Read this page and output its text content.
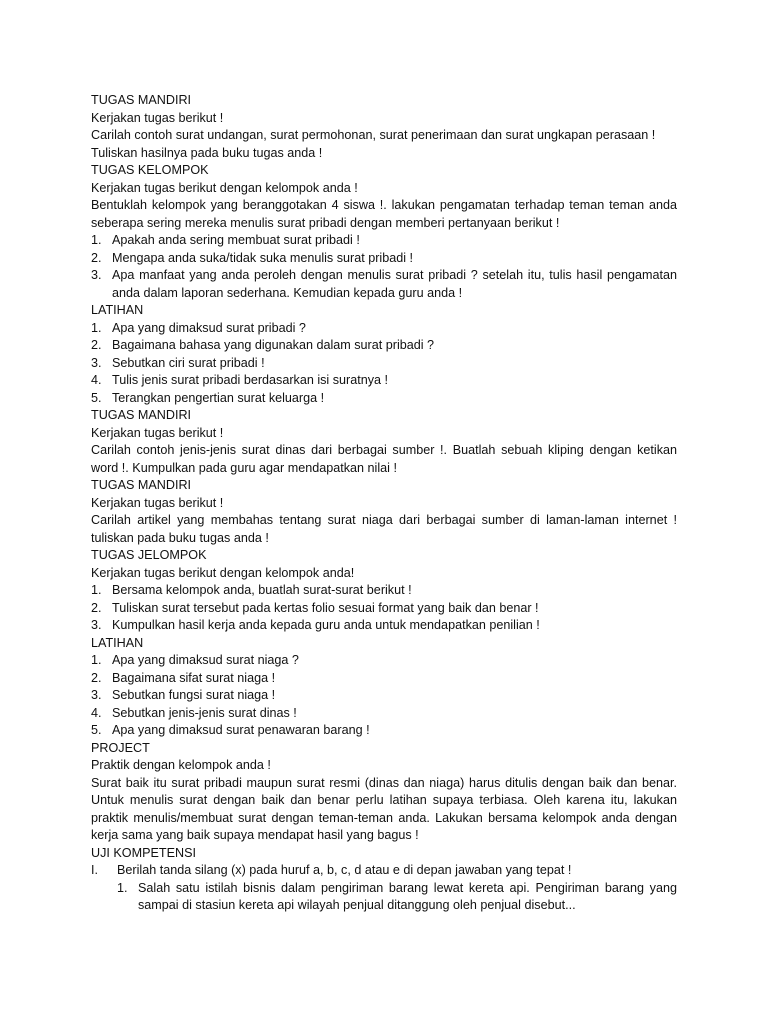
TUGAS MANDIRI

Kerjakan tugas berikut !

Carilah contoh surat undangan, surat permohonan, surat penerimaan dan surat ungkapan perasaan !

Tuliskan hasilnya pada buku tugas anda !

TUGAS KELOMPOK

Kerjakan tugas berikut dengan kelompok anda !

Bentuklah kelompok yang beranggotakan 4 siswa !. lakukan pengamatan terhadap teman teman anda seberapa sering mereka menulis surat pribadi dengan memberi pertanyaan berikut !

1. Apakah anda sering membuat surat pribadi !
2. Mengapa anda suka/tidak suka menulis surat pribadi !
3. Apa manfaat yang anda peroleh dengan menulis surat pribadi ? setelah itu, tulis hasil pengamatan anda dalam laporan sederhana. Kemudian kepada guru anda !

LATIHAN

1. Apa yang dimaksud surat pribadi ?
2. Bagaimana bahasa yang digunakan dalam surat pribadi ?
3. Sebutkan ciri surat pribadi !
4. Tulis jenis surat pribadi berdasarkan isi suratnya !
5. Terangkan pengertian surat keluarga !

TUGAS MANDIRI

Kerjakan tugas berikut !

Carilah contoh jenis-jenis surat dinas dari berbagai sumber !. Buatlah sebuah kliping dengan ketikan word !. Kumpulkan pada guru agar mendapatkan nilai !

TUGAS MANDIRI

Kerjakan tugas berikut !

Carilah artikel yang membahas tentang surat niaga dari berbagai sumber di laman-laman internet ! tuliskan pada buku tugas anda !

TUGAS JELOMPOK

Kerjakan tugas berikut dengan kelompok anda!

1. Bersama kelompok anda, buatlah surat-surat berikut !
2. Tuliskan surat tersebut pada kertas folio sesuai format yang baik dan benar !
3. Kumpulkan hasil kerja anda kepada guru anda untuk mendapatkan penilian !

LATIHAN

1. Apa yang dimaksud surat niaga ?
2. Bagaimana sifat surat niaga !
3. Sebutkan fungsi surat niaga !
4. Sebutkan jenis-jenis surat dinas !
5. Apa yang dimaksud surat penawaran barang !

PROJECT

Praktik dengan kelompok anda !

Surat baik itu surat pribadi maupun surat resmi (dinas dan niaga) harus ditulis dengan baik dan benar. Untuk menulis surat dengan baik dan benar perlu latihan supaya terbiasa. Oleh karena itu, lakukan praktik menulis/membuat surat dengan teman-teman anda. Lakukan bersama kelompok anda dengan kerja sama yang baik supaya mendapat hasil yang bagus !

UJI KOMPETENSI

I.	Berilah tanda silang (x) pada huruf a, b, c, d atau e di depan jawaban yang tepat !
1. Salah satu istilah bisnis dalam pengiriman barang lewat kereta api. Pengiriman barang yang sampai di stasiun kereta api wilayah penjual ditanggung oleh penjual disebut...
